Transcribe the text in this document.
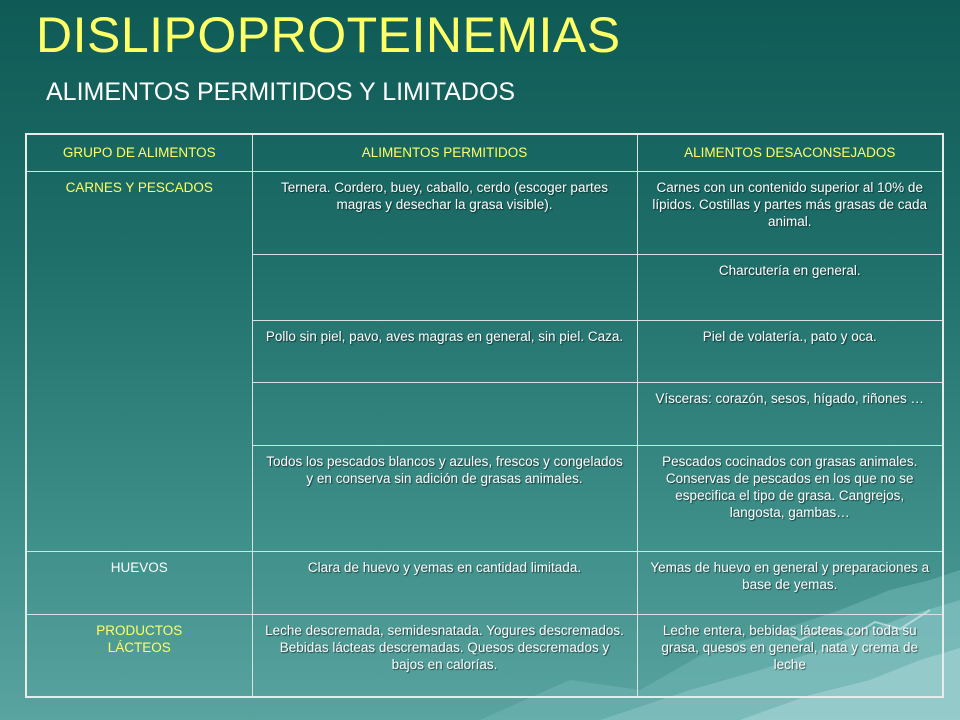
DISLIPOPROTEINEMIAS
ALIMENTOS PERMITIDOS Y LIMITADOS
GRUPO DE ALIMENTOS	ALIMENTOS PERMITIDOS	ALIMENTOS DESACONSEJADOS
CARNES Y PESCADOS	Ternera. Cordero, buey, caballo, cerdo (escoger partes magras y desechar la grasa visible).	Carnes con un contenido superior al 10% de lípidos. Costillas y partes más grasas de cada animal.
		Charcutería en general.
	Pollo sin piel, pavo, aves magras en general, sin piel. Caza.	Piel de volatería., pato y oca.
		Vísceras: corazón, sesos, hígado, riñones …
	Todos los pescados blancos y azules, frescos y congelados y en conserva sin adición de grasas animales.	Pescados cocinados con grasas animales. Conservas de pescados en los que no se especifica el tipo de grasa. Cangrejos, langosta, gambas…
HUEVOS	Clara de huevo y yemas en cantidad limitada.	Yemas de huevo en general y preparaciones a base de yemas.
PRODUCTOS LÁCTEOS	Leche descremada, semidesnatada. Yogures descremados. Bebidas lácteas descremadas. Quesos descremados y bajos en calorías.	Leche entera, bebidas lácteas con toda su grasa, quesos en general, nata y crema de leche
